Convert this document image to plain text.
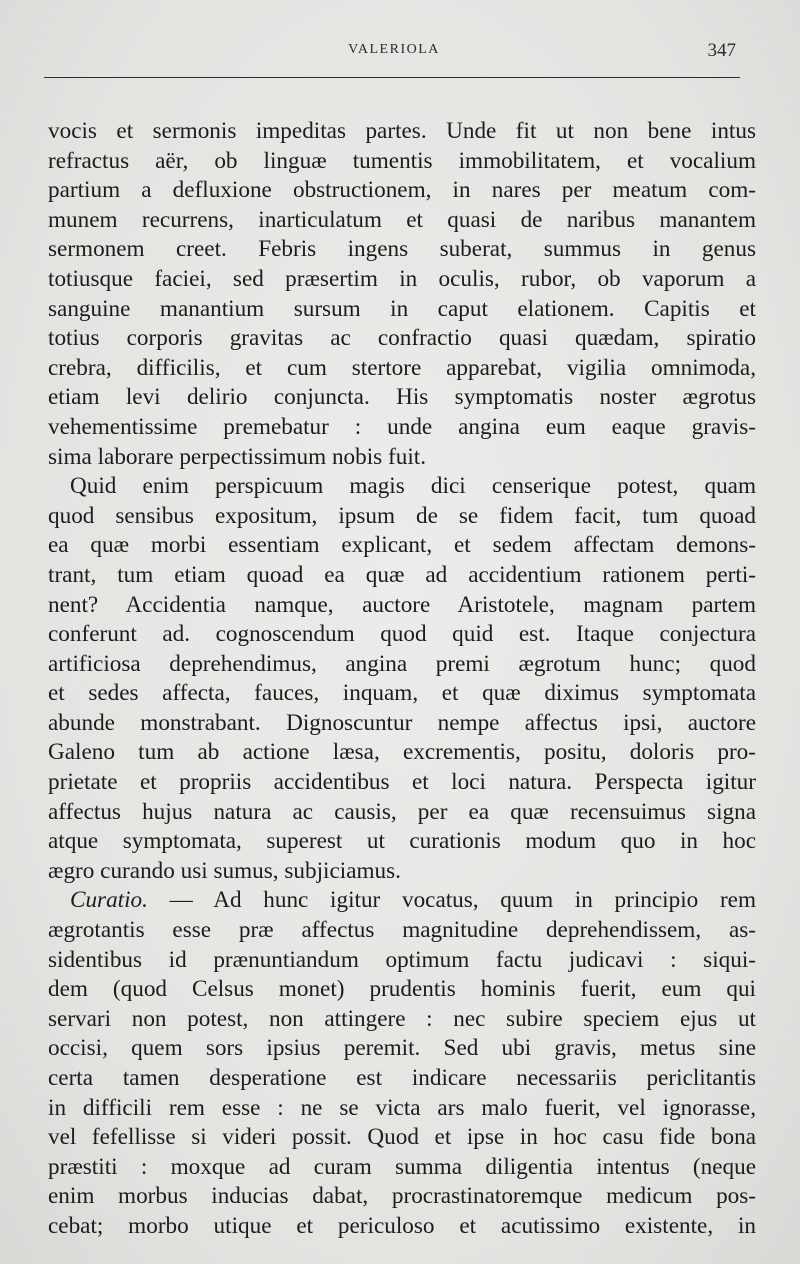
VALERIOLA	347
vocis et sermonis impeditas partes. Unde fit ut non bene intus
refractus aër, ob linguæ tumentis immobilitatem, et vocalium
partium a defluxione obstructionem, in nares per meatum com-
munem recurrens, inarticulatum et quasi de naribus manantem
sermonem creet. Febris ingens suberat, summus in genus
totiusque faciei, sed præsertim in oculis, rubor, ob vaporum a
sanguine manantium sursum in caput elationem. Capitis et
totius corporis gravitas ac confractio quasi quædam, spiratio
crebra, difficilis, et cum stertore apparebat, vigilia omnimoda,
etiam levi delirio conjuncta. His symptomatis noster ægrotus
vehementissime premebatur : unde angina eum eaque gravis-
sima laborare perpectissimum nobis fuit.
Quid enim perspicuum magis dici censerique potest, quam
quod sensibus expositum, ipsum de se fidem facit, tum quoad
ea quæ morbi essentiam explicant, et sedem affectam demons-
trant, tum etiam quoad ea quæ ad accidentium rationem perti-
nent? Accidentia namque, auctore Aristotele, magnam partem
conferunt ad. cognoscendum quod quid est. Itaque conjectura
artificiosa deprehendimus, angina premi ægrotum hunc; quod
et sedes affecta, fauces, inquam, et quæ diximus symptomata
abunde monstrabant. Dignoscuntur nempe affectus ipsi, auctore
Galeno tum ab actione læsa, excrementis, positu, doloris pro-
prietate et propriis accidentibus et loci natura. Perspecta igitur
affectus hujus natura ac causis, per ea quæ recensuimus signa
atque symptomata, superest ut curationis modum quo in hoc
ægro curando usi sumus, subjiciamus.
Curatio. — Ad hunc igitur vocatus, quum in principio rem
ægrotantis esse præ affectus magnitudine deprehendissem, as-
sidentibus id prænuntiandum optimum factu judicavi : siqui-
dem (quod Celsus monet) prudentis hominis fuerit, eum qui
servari non potest, non attingere : nec subire speciem ejus ut
occisi, quem sors ipsius peremit. Sed ubi gravis, metus sine
certa tamen desperatione est indicare necessariis periclitantis
in difficili rem esse : ne se victa ars malo fuerit, vel ignorasse,
vel fefellisse si videri possit. Quod et ipse in hoc casu fide bona
præstiti : moxque ad curam summa diligentia intentus (neque
enim morbus inducias dabat, procrastinatoremque medicum pos-
cebat; morbo utique et periculoso et acutissimo existente, in
